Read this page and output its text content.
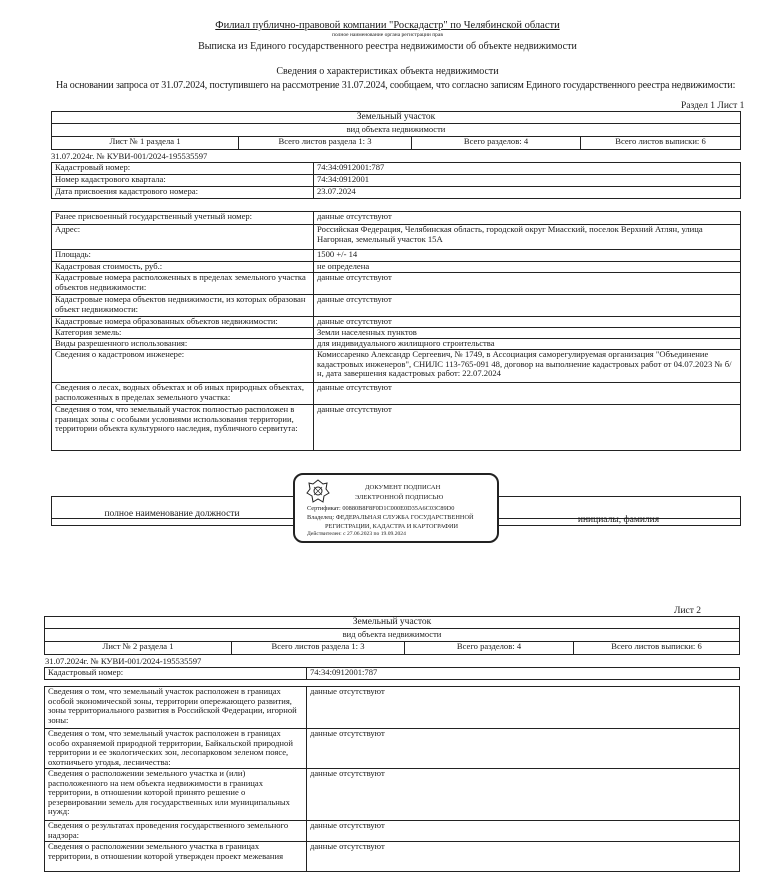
Филиал публично-правовой компании "Роскадастр" по Челябинской области
полное наименование органа регистрации прав
Выписка из Единого государственного реестра недвижимости об объекте недвижимости
Сведения о характеристиках объекта недвижимости
На основании запроса от 31.07.2024, поступившего на рассмотрение 31.07.2024, сообщаем, что согласно записям Единого государственного реестра недвижимости:
Раздел 1 Лист 1
Земельный участок
вид объекта недвижимости
Лист № 1 раздела 1	Всего листов раздела 1: 3	Всего разделов: 4	Всего листов выписки: 6
31.07.2024г. № КУВИ-001/2024-195535597
Кадастровый номер:	74:34:0912001:787
Номер кадастрового квартала:	74:34:0912001
Дата присвоения кадастрового номера:	23.07.2024
Ранее присвоенный государственный учетный номер:	данные отсутствуют
Адрес:	Российская Федерация, Челябинская область, городской округ Миасский, поселок Верхний Атлян, улица Нагорная, земельный участок 15А
Площадь:	1500 +/- 14
Кадастровая стоимость, руб.:	не определена
Кадастровые номера расположенных в пределах земельного участка объектов недвижимости:	данные отсутствуют
Кадастровые номера объектов недвижимости, из которых образован объект недвижимости:	данные отсутствуют
Кадастровые номера образованных объектов недвижимости:	данные отсутствуют
Категория земель:	Земли населенных пунктов
Виды разрешенного использования:	для индивидуального жилищного строительства
Сведения о кадастровом инженере:	Комиссаренко Александр Сергеевич, № 1749, в Ассоциация саморегулируемая организация "Объединение кадастровых инженеров", СНИЛС 113-765-091 48, договор на выполнение кадастровых работ от 04.07.2023 № б/н, дата завершения кадастровых работ: 22.07.2024
Сведения о лесах, водных объектах и об иных природных объектах, расположенных в пределах земельного участка:	данные отсутствуют
Сведения о том, что земельный участок полностью расположен в границах зоны с особыми условиями использования территории, территории объекта культурного наследия, публичного сервитута:	данные отсутствуют
полное наименование должности
инициалы, фамилия
ДОКУМЕНТ ПОДПИСАН
ЭЛЕКТРОННОЙ ПОДПИСЬЮ
Сертификат: 00880B8F8F0D1C000E0D35A6C03C89D0
Владелец: ФЕДЕРАЛЬНАЯ СЛУЖБА ГОСУДАРСТВЕННОЙ
РЕГИСТРАЦИИ, КАДАСТРА И КАРТОГРАФИИ
Действителен: с 27.06.2023 по 19.09.2024
Лист 2
Земельный участок
вид объекта недвижимости
Лист № 2 раздела 1	Всего листов раздела 1: 3	Всего разделов: 4	Всего листов выписки: 6
31.07.2024г. № КУВИ-001/2024-195535597
Кадастровый номер:	74:34:0912001:787
Сведения о том, что земельный участок расположен в границах особой экономической зоны, территории опережающего развития, зоны территориального развития в Российской Федерации, игорной зоны:	данные отсутствуют
Сведения о том, что земельный участок расположен в границах особо охраняемой природной территории, Байкальской природной территории и ее экологических зон, лесопарковом зеленом поясе, охотничьего угодья, лесничества:	данные отсутствуют
Сведения о расположении земельного участка и (или) расположенного на нем объекта недвижимости в границах территории, в отношении которой принято решение о резервировании земель для государственных или муниципальных нужд:	данные отсутствуют
Сведения о результатах проведения государственного земельного надзора:	данные отсутствуют
Сведения о расположении земельного участка в границах территории, в отношении которой утвержден проект межевания	данные отсутствуют
